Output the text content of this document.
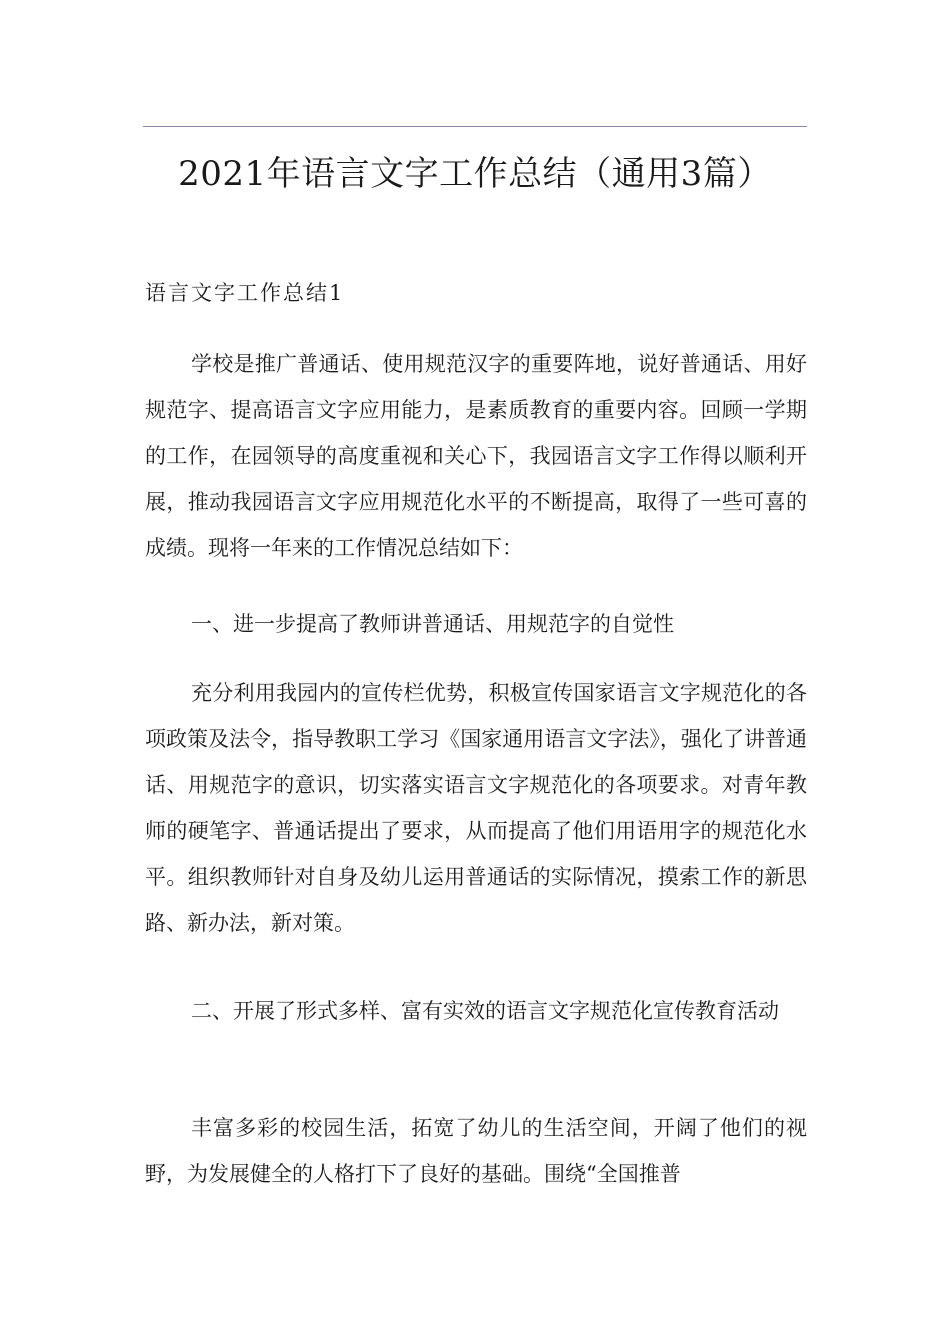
2021年语言文字工作总结（通用3篇）
语言文字工作总结1

学校是推广普通话、使用规范汉字的重要阵地，说好普通话、用好规范字、提高语言文字应用能力，是素质教育的重要内容。回顾一学期的工作，在园领导的高度重视和关心下，我园语言文字工作得以顺利开展，推动我园语言文字应用规范化水平的不断提高，取得了一些可喜的成绩。现将一年来的工作情况总结如下：

一、进一步提高了教师讲普通话、用规范字的自觉性

充分利用我园内的宣传栏优势，积极宣传国家语言文字规范化的各项政策及法令，指导教职工学习《国家通用语言文字法》，强化了讲普通话、用规范字的意识，切实落实语言文字规范化的各项要求。对青年教师的硬笔字、普通话提出了要求，从而提高了他们用语用字的规范化水平。组织教师针对自身及幼儿运用普通话的实际情况，摸索工作的新思路、新办法，新对策。

二、开展了形式多样、富有实效的语言文字规范化宣传教育活动

丰富多彩的校园生活，拓宽了幼儿的生活空间，开阔了他们的视野，为发展健全的人格打下了良好的基础。围绕“全国推普
